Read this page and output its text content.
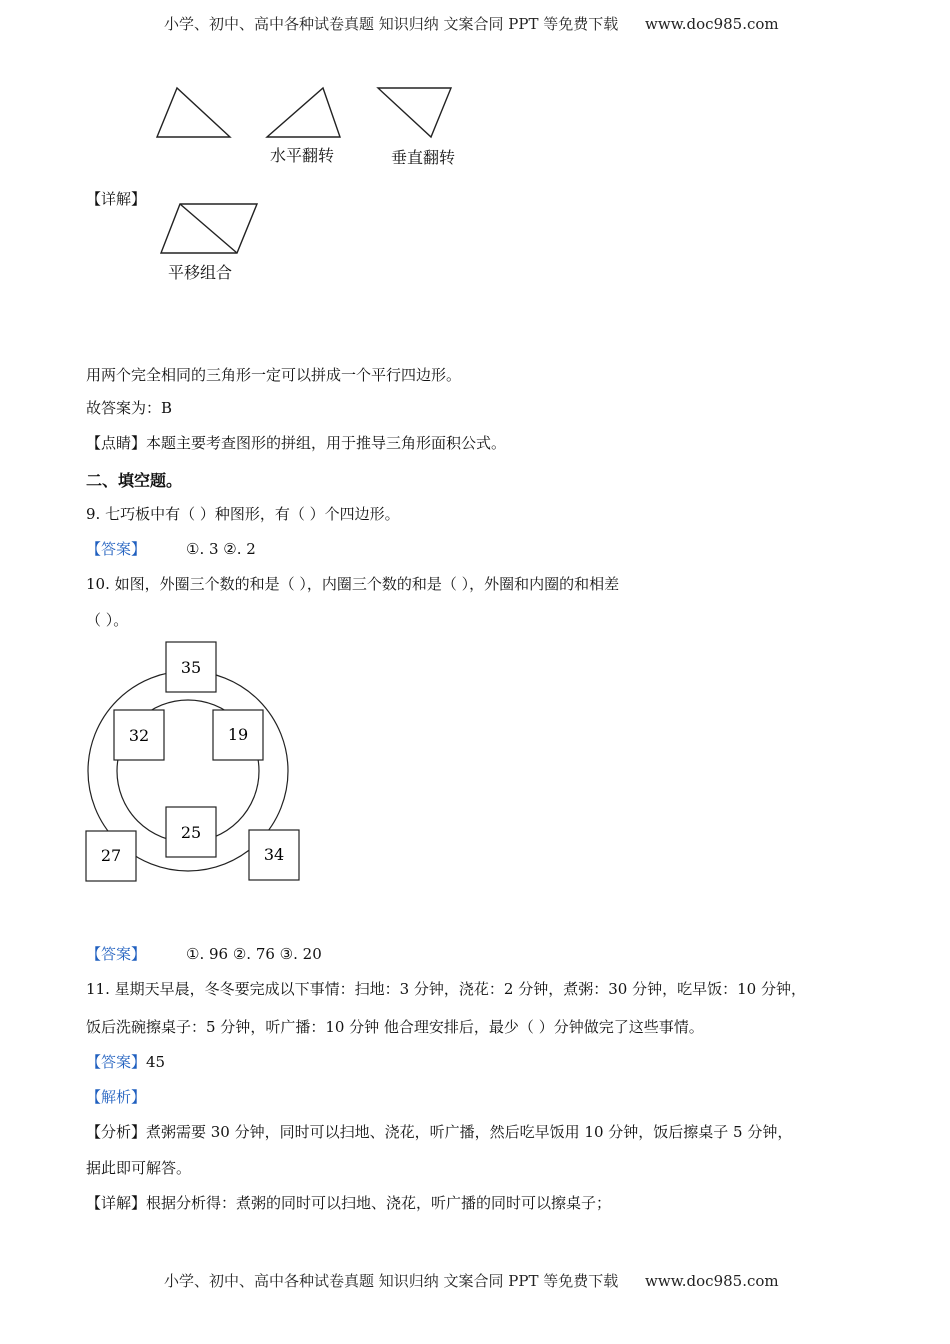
小学、初中、高中各种试卷真题 知识归纳 文案合同 PPT 等免费下载 www.doc985.com
水平翻转	垂直翻转
【详解】
平移组合
用两个完全相同的三角形一定可以拼成一个平行四边形。
故答案为：B
【点睛】本题主要考查图形的拼组，用于推导三角形面积公式。
二、填空题。
9. 七巧板中有（ ）种图形，有（ ）个四边形。
【答案】	①. 3 ②. 2
10. 如图，外圈三个数的和是（ ），内圈三个数的和是（ ），外圈和内圈的和相差
（ ）。
35
32	19
25
27	34
【答案】	①. 96 ②. 76 ③. 20
11. 星期天早晨，冬冬要完成以下事情：扫地：3 分钟，浇花：2 分钟，煮粥：30 分钟，吃早饭：10 分钟，
饭后洗碗擦桌子：5 分钟，听广播：10 分钟 他合理安排后，最少（ ）分钟做完了这些事情。
【答案】45
【解析】
【分析】煮粥需要 30 分钟，同时可以扫地、浇花，听广播，然后吃早饭用 10 分钟，饭后擦桌子 5 分钟，
据此即可解答。
【详解】根据分析得：煮粥的同时可以扫地、浇花，听广播的同时可以擦桌子；
小学、初中、高中各种试卷真题 知识归纳 文案合同 PPT 等免费下载 www.doc985.com
